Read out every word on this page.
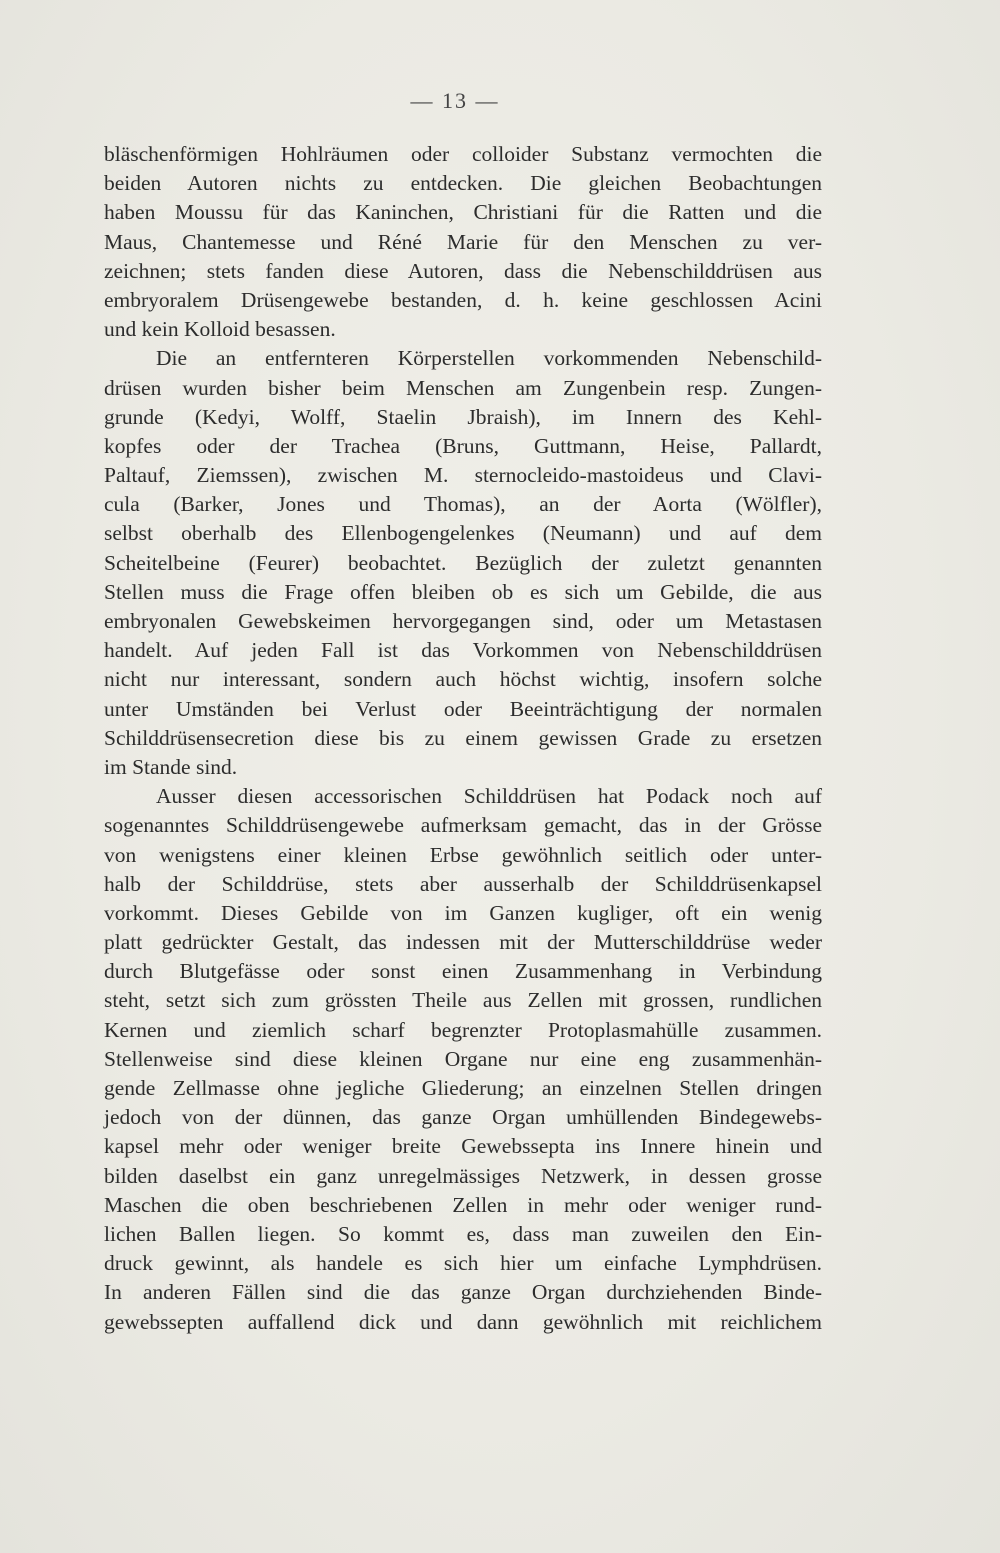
— 13 —
bläschenförmigen Hohlräumen oder colloider Substanz vermochten die
beiden Autoren nichts zu entdecken. Die gleichen Beobachtungen
haben Moussu für das Kaninchen, Christiani für die Ratten und die
Maus, Chantemesse und Réné Marie für den Menschen zu ver-
zeichnen; stets fanden diese Autoren, dass die Nebenschilddrüsen aus
embryoralem Drüsengewebe bestanden, d. h. keine geschlossen Acini
und kein Kolloid besassen.
Die an entfernteren Körperstellen vorkommenden Nebenschild-
drüsen wurden bisher beim Menschen am Zungenbein resp. Zungen-
grunde (Kedyi, Wolff, Staelin Jbraish), im Innern des Kehl-
kopfes oder der Trachea (Bruns, Guttmann, Heise, Pallardt,
Paltauf, Ziemssen), zwischen M. sternocleido-mastoideus und Clavi-
cula (Barker, Jones und Thomas), an der Aorta (Wölfler),
selbst oberhalb des Ellenbogengelenkes (Neumann) und auf dem
Scheitelbeine (Feurer) beobachtet. Bezüglich der zuletzt genannten
Stellen muss die Frage offen bleiben ob es sich um Gebilde, die aus
embryonalen Gewebskeimen hervorgegangen sind, oder um Metastasen
handelt. Auf jeden Fall ist das Vorkommen von Nebenschilddrüsen
nicht nur interessant, sondern auch höchst wichtig, insofern solche
unter Umständen bei Verlust oder Beeinträchtigung der normalen
Schilddrüsensecretion diese bis zu einem gewissen Grade zu ersetzen
im Stande sind.
Ausser diesen accessorischen Schilddrüsen hat Podack noch auf
sogenanntes Schilddrüsengewebe aufmerksam gemacht, das in der Grösse
von wenigstens einer kleinen Erbse gewöhnlich seitlich oder unter-
halb der Schilddrüse, stets aber ausserhalb der Schilddrüsenkapsel
vorkommt. Dieses Gebilde von im Ganzen kugliger, oft ein wenig
platt gedrückter Gestalt, das indessen mit der Mutterschilddrüse weder
durch Blutgefässe oder sonst einen Zusammenhang in Verbindung
steht, setzt sich zum grössten Theile aus Zellen mit grossen, rundlichen
Kernen und ziemlich scharf begrenzter Protoplasmahülle zusammen.
Stellenweise sind diese kleinen Organe nur eine eng zusammenhän-
gende Zellmasse ohne jegliche Gliederung; an einzelnen Stellen dringen
jedoch von der dünnen, das ganze Organ umhüllenden Bindegewebs-
kapsel mehr oder weniger breite Gewebssepta ins Innere hinein und
bilden daselbst ein ganz unregelmässiges Netzwerk, in dessen grosse
Maschen die oben beschriebenen Zellen in mehr oder weniger rund-
lichen Ballen liegen. So kommt es, dass man zuweilen den Ein-
druck gewinnt, als handele es sich hier um einfache Lymphdrüsen.
In anderen Fällen sind die das ganze Organ durchziehenden Binde-
gewebssepten auffallend dick und dann gewöhnlich mit reichlichem
